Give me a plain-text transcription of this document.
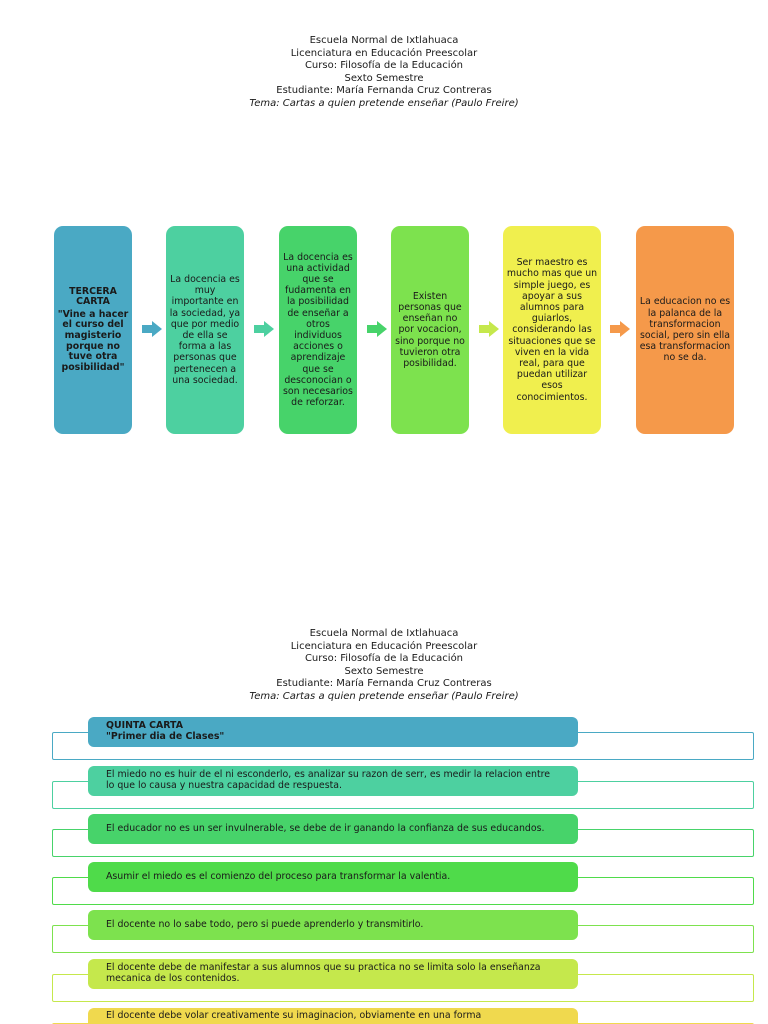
Escuela Normal de Ixtlahuaca
Licenciatura en Educación Preescolar
Curso: Filosofía de la Educación
Sexto Semestre
Estudiante: María Fernanda Cruz Contreras
Tema: Cartas a quien pretende enseñar (Paulo Freire)
TERCERA CARTA
"Vine a hacer el curso del magisterio porque no tuve otra posibilidad"
La docencia es muy importante en la sociedad, ya que por medio de ella se forma a las personas que pertenecen a una sociedad.
La docencia es una actividad que se fudamenta en la posibilidad de enseñar a otros individuos acciones o aprendizaje que se desconocian o son necesarios de reforzar.
Existen personas que enseñan no por vocacion, sino porque no tuvieron otra posibilidad.
Ser maestro es mucho mas que un simple juego, es apoyar a sus alumnos para guiarlos, considerando las situaciones que se viven en la vida real, para que puedan utilizar esos conocimientos.
La educacion no es la palanca de la transformacion social, pero sin ella esa transformacion no se da.
Escuela Normal de Ixtlahuaca
Licenciatura en Educación Preescolar
Curso: Filosofía de la Educación
Sexto Semestre
Estudiante: María Fernanda Cruz Contreras
Tema: Cartas a quien pretende enseñar (Paulo Freire)
QUINTA CARTA
"Primer dia de Clases"
El miedo no es huir de el ni esconderlo, es analizar su razon de serr, es medir la relacion entre lo que lo causa y nuestra capacidad de respuesta.
El educador no es un ser invulnerable, se debe de ir ganando la confianza de sus educandos.
Asumir el miedo es el comienzo del proceso para transformar la valentia.
El docente no lo sabe todo, pero si puede aprenderlo y transmitirlo.
El docente debe de manifestar a sus alumnos que su practica no se limita solo la enseñanza mecanica de los contenidos.
El docente debe volar creativamente su imaginacion, obviamente en una forma
